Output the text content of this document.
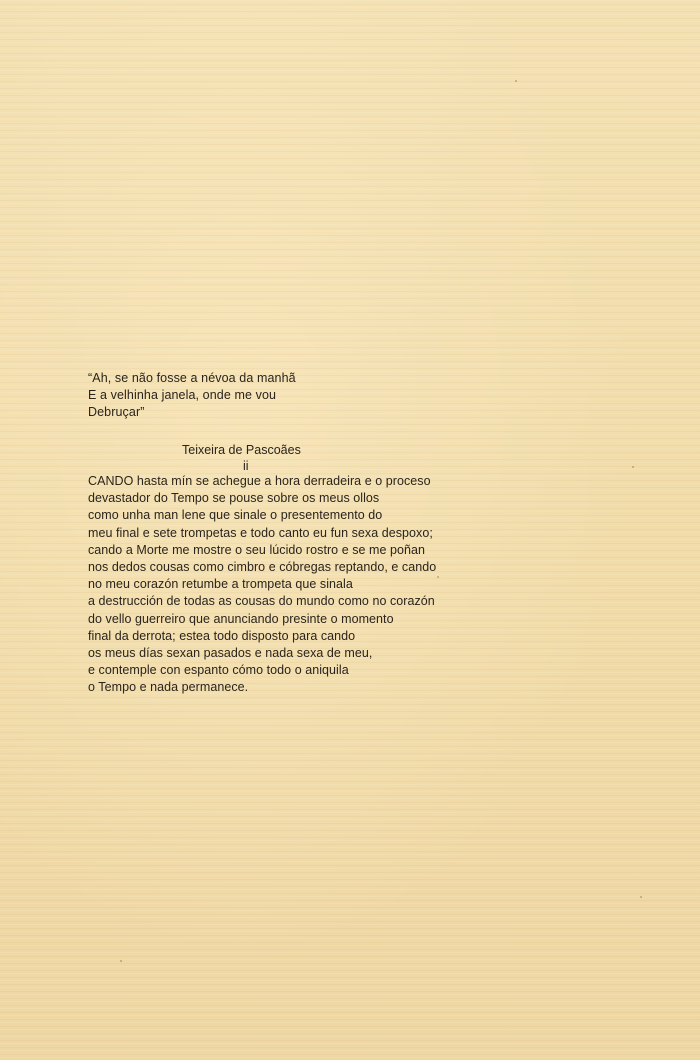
“Ah, se não fosse a névoa da manhã
E a velhinha janela, onde me vou
Debruçar”
Teixeira de Pascoães
ii
CANDO hasta mín se achegue a hora derradeira e o proceso
devastador do Tempo se pouse sobre os meus ollos
como unha man lene que sinale o presentemento do
meu final e sete trompetas e todo canto eu fun sexa despoxo;
cando a Morte me mostre o seu lúcido rostro e se me poñan
nos dedos cousas como cimbro e cóbregas reptando, e cando
no meu corazón retumbe a trompeta que sinala
a destrucción de todas as cousas do mundo como no corazón
do vello guerreiro que anunciando presinte o momento
final da derrota; estea todo disposto para cando
os meus días sexan pasados e nada sexa de meu,
e contemple con espanto cómo todo o aniquila
o Tempo e nada permanece.
